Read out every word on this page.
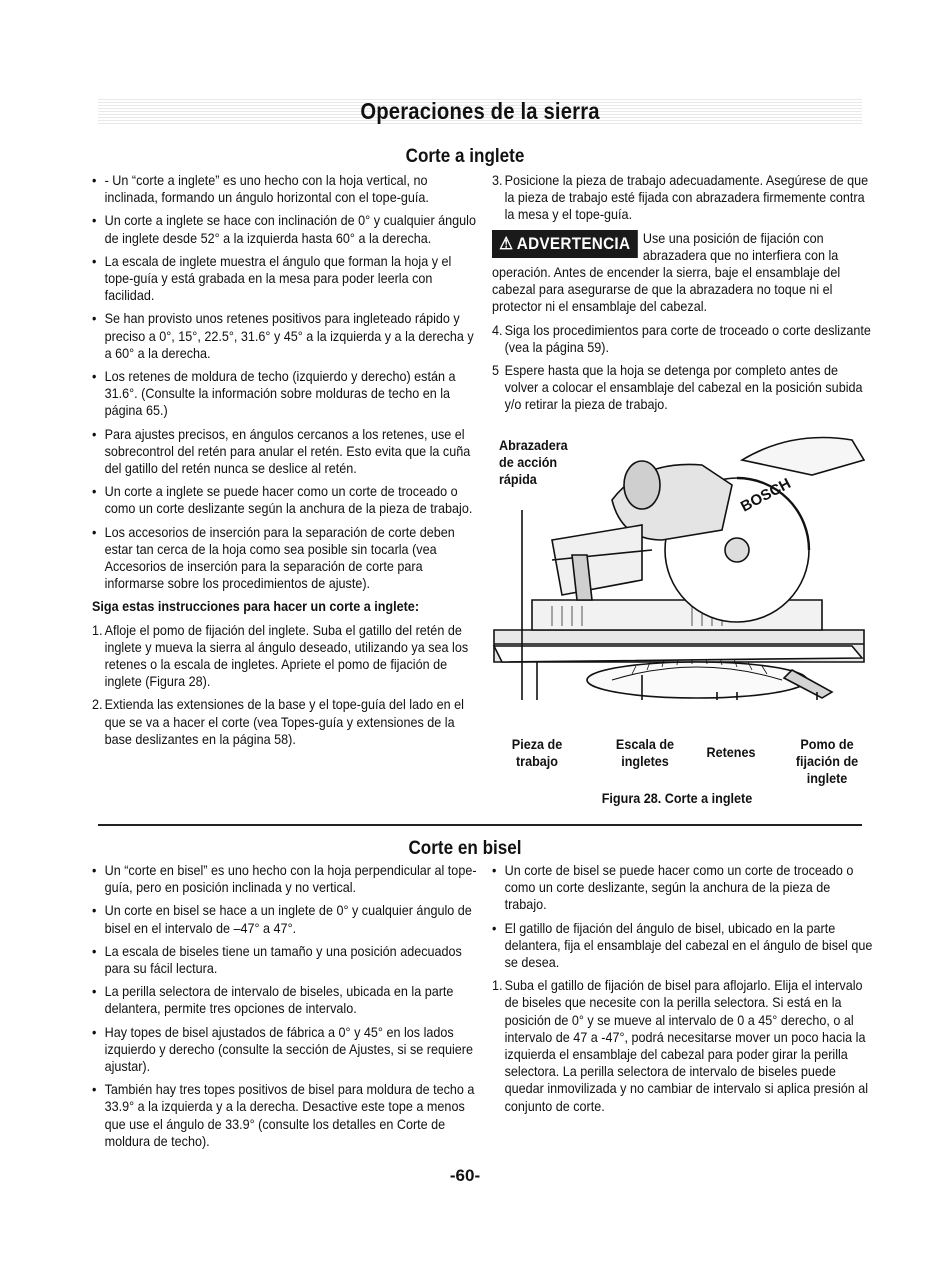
Operaciones de la sierra
Corte a inglete

• - Un “corte a inglete” es uno hecho con la hoja vertical, no inclinada, formando un ángulo horizontal con el tope-guía.

• Un corte a inglete se hace con inclinación de 0° y cualquier ángulo de inglete desde 52° a la izquierda hasta 60° a la derecha.

• La escala de inglete muestra el ángulo que forman la hoja y el tope-guía y está grabada en la mesa para poder leerla con facilidad.

• Se han provisto unos retenes positivos para ingleteado rápido y preciso a 0°, 15°, 22.5°, 31.6° y 45° a la izquierda y a la derecha y a 60° a la derecha.

• Los retenes de moldura de techo (izquierdo y derecho) están a 31.6°. (Consulte la información sobre molduras de techo en la página 65.)

• Para ajustes precisos, en ángulos cercanos a los retenes, use el sobrecontrol del retén para anular el retén. Esto evita que la cuña del gatillo del retén nunca se deslice al retén.

• Un corte a inglete se puede hacer como un corte de troceado o como un corte deslizante según la anchura de la pieza de trabajo.

• Los accesorios de inserción para la separación de corte deben estar tan cerca de la hoja como sea posible sin tocarla (vea Accesorios de inserción para la separación de corte para informarse sobre los procedimientos de ajuste).

Siga estas instrucciones para hacer un corte a inglete:

1. Afloje el pomo de fijación del inglete. Suba el gatillo del retén de inglete y mueva la sierra al ángulo deseado, utilizando ya sea los retenes o la escala de ingletes. Apriete el pomo de fijación de inglete (Figura 28).

2. Extienda las extensiones de la base y el tope-guía del lado en el que se va a hacer el corte (vea Topes-guía y extensiones de la base deslizantes en la página 58).

3. Posicione la pieza de trabajo adecuadamente. Asegúrese de que la pieza de trabajo esté fijada con abrazadera firmemente contra la mesa y el tope-guía.

⚠ ADVERTENCIA Use una posición de fijación con abrazadera que no interfiera con la operación. Antes de encender la sierra, baje el ensamblaje del cabezal para asegurarse de que la abrazadera no toque ni el protector ni el ensamblaje del cabezal.

4. Siga los procedimientos para corte de troceado o corte deslizante (vea la página 59).

5 Espere hasta que la hoja se detenga por completo antes de volver a colocar el ensamblaje del cabezal en la posición subida y/o retirar la pieza de trabajo.

BOSCH
Abrazadera de acción rápida
Pieza de trabajo
Escala de ingletes
Retenes	Pomo de fijación de inglete
Figura 28. Corte a inglete
Corte en bisel

• Un “corte en bisel” es uno hecho con la hoja perpendicular al tope-guía, pero en posición inclinada y no vertical.

• Un corte en bisel se hace a un inglete de 0° y cualquier ángulo de bisel en el intervalo de –47° a 47°.

• La escala de biseles tiene un tamaño y una posición adecuados para su fácil lectura.

• La perilla selectora de intervalo de biseles, ubicada en la parte delantera, permite tres opciones de intervalo.

• Hay topes de bisel ajustados de fábrica a 0° y 45° en los lados izquierdo y derecho (consulte la sección de Ajustes, si se requiere ajustar).

• También hay tres topes positivos de bisel para moldura de techo a 33.9° a la izquierda y a la derecha. Desactive este tope a menos que use el ángulo de 33.9° (consulte los detalles en Corte de moldura de techo).

• Un corte de bisel se puede hacer como un corte de troceado o como un corte deslizante, según la anchura de la pieza de trabajo.

• El gatillo de fijación del ángulo de bisel, ubicado en la parte delantera, fija el ensamblaje del cabezal en el ángulo de bisel que se desea.

1. Suba el gatillo de fijación de bisel para aflojarlo. Elija el intervalo de biseles que necesite con la perilla selectora. Si está en la posición de 0° y se mueve al intervalo de 0 a 45° derecho, o al intervalo de 47 a -47°, podrá necesitarse mover un poco hacia la izquierda el ensamblaje del cabezal para poder girar la perilla selectora. La perilla selectora de intervalo de biseles puede quedar inmovilizada y no cambiar de intervalo si aplica presión al conjunto de corte.

-60-
